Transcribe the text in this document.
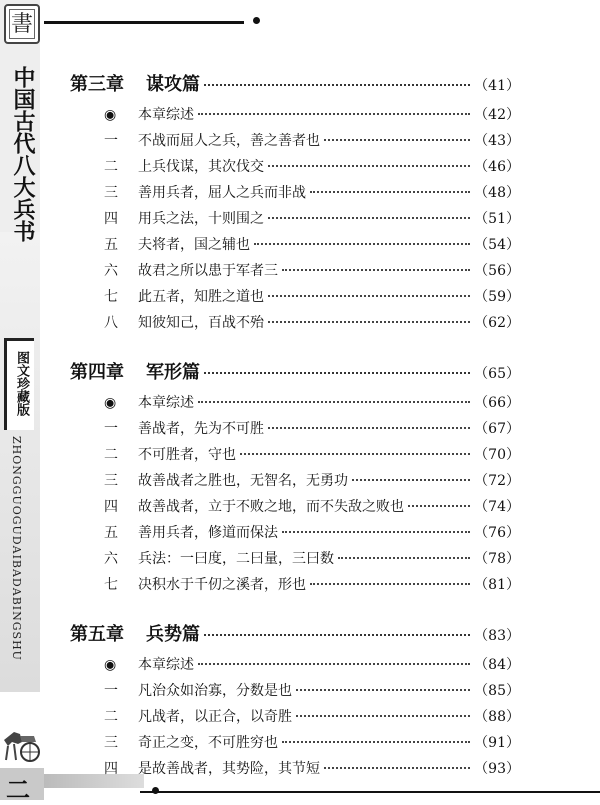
書
中国古代八大兵书
图文珍藏版
ZHONGGUOGUDAIBADABINGSHU
二
第三章	谋攻篇	（41）
◉	本章综述	（42）
一	不战而屈人之兵，善之善者也	（43）
二	上兵伐谋，其次伐交	（46）
三	善用兵者，屈人之兵而非战	（48）
四	用兵之法，十则围之	（51）
五	夫将者，国之辅也	（54）
六	故君之所以患于军者三	（56）
七	此五者，知胜之道也	（59）
八	知彼知己，百战不殆	（62）
第四章	军形篇	（65）
◉	本章综述	（66）
一	善战者，先为不可胜	（67）
二	不可胜者，守也	（70）
三	故善战者之胜也，无智名，无勇功	（72）
四	故善战者，立于不败之地，而不失敌之败也	（74）
五	善用兵者，修道而保法	（76）
六	兵法：一曰度，二曰量，三曰数	（78）
七	决积水于千仞之溪者，形也	（81）
第五章	兵势篇	（83）
◉	本章综述	（84）
一	凡治众如治寡，分数是也	（85）
二	凡战者，以正合，以奇胜	（88）
三	奇正之变，不可胜穷也	（91）
四	是故善战者，其势险，其节短	（93）
